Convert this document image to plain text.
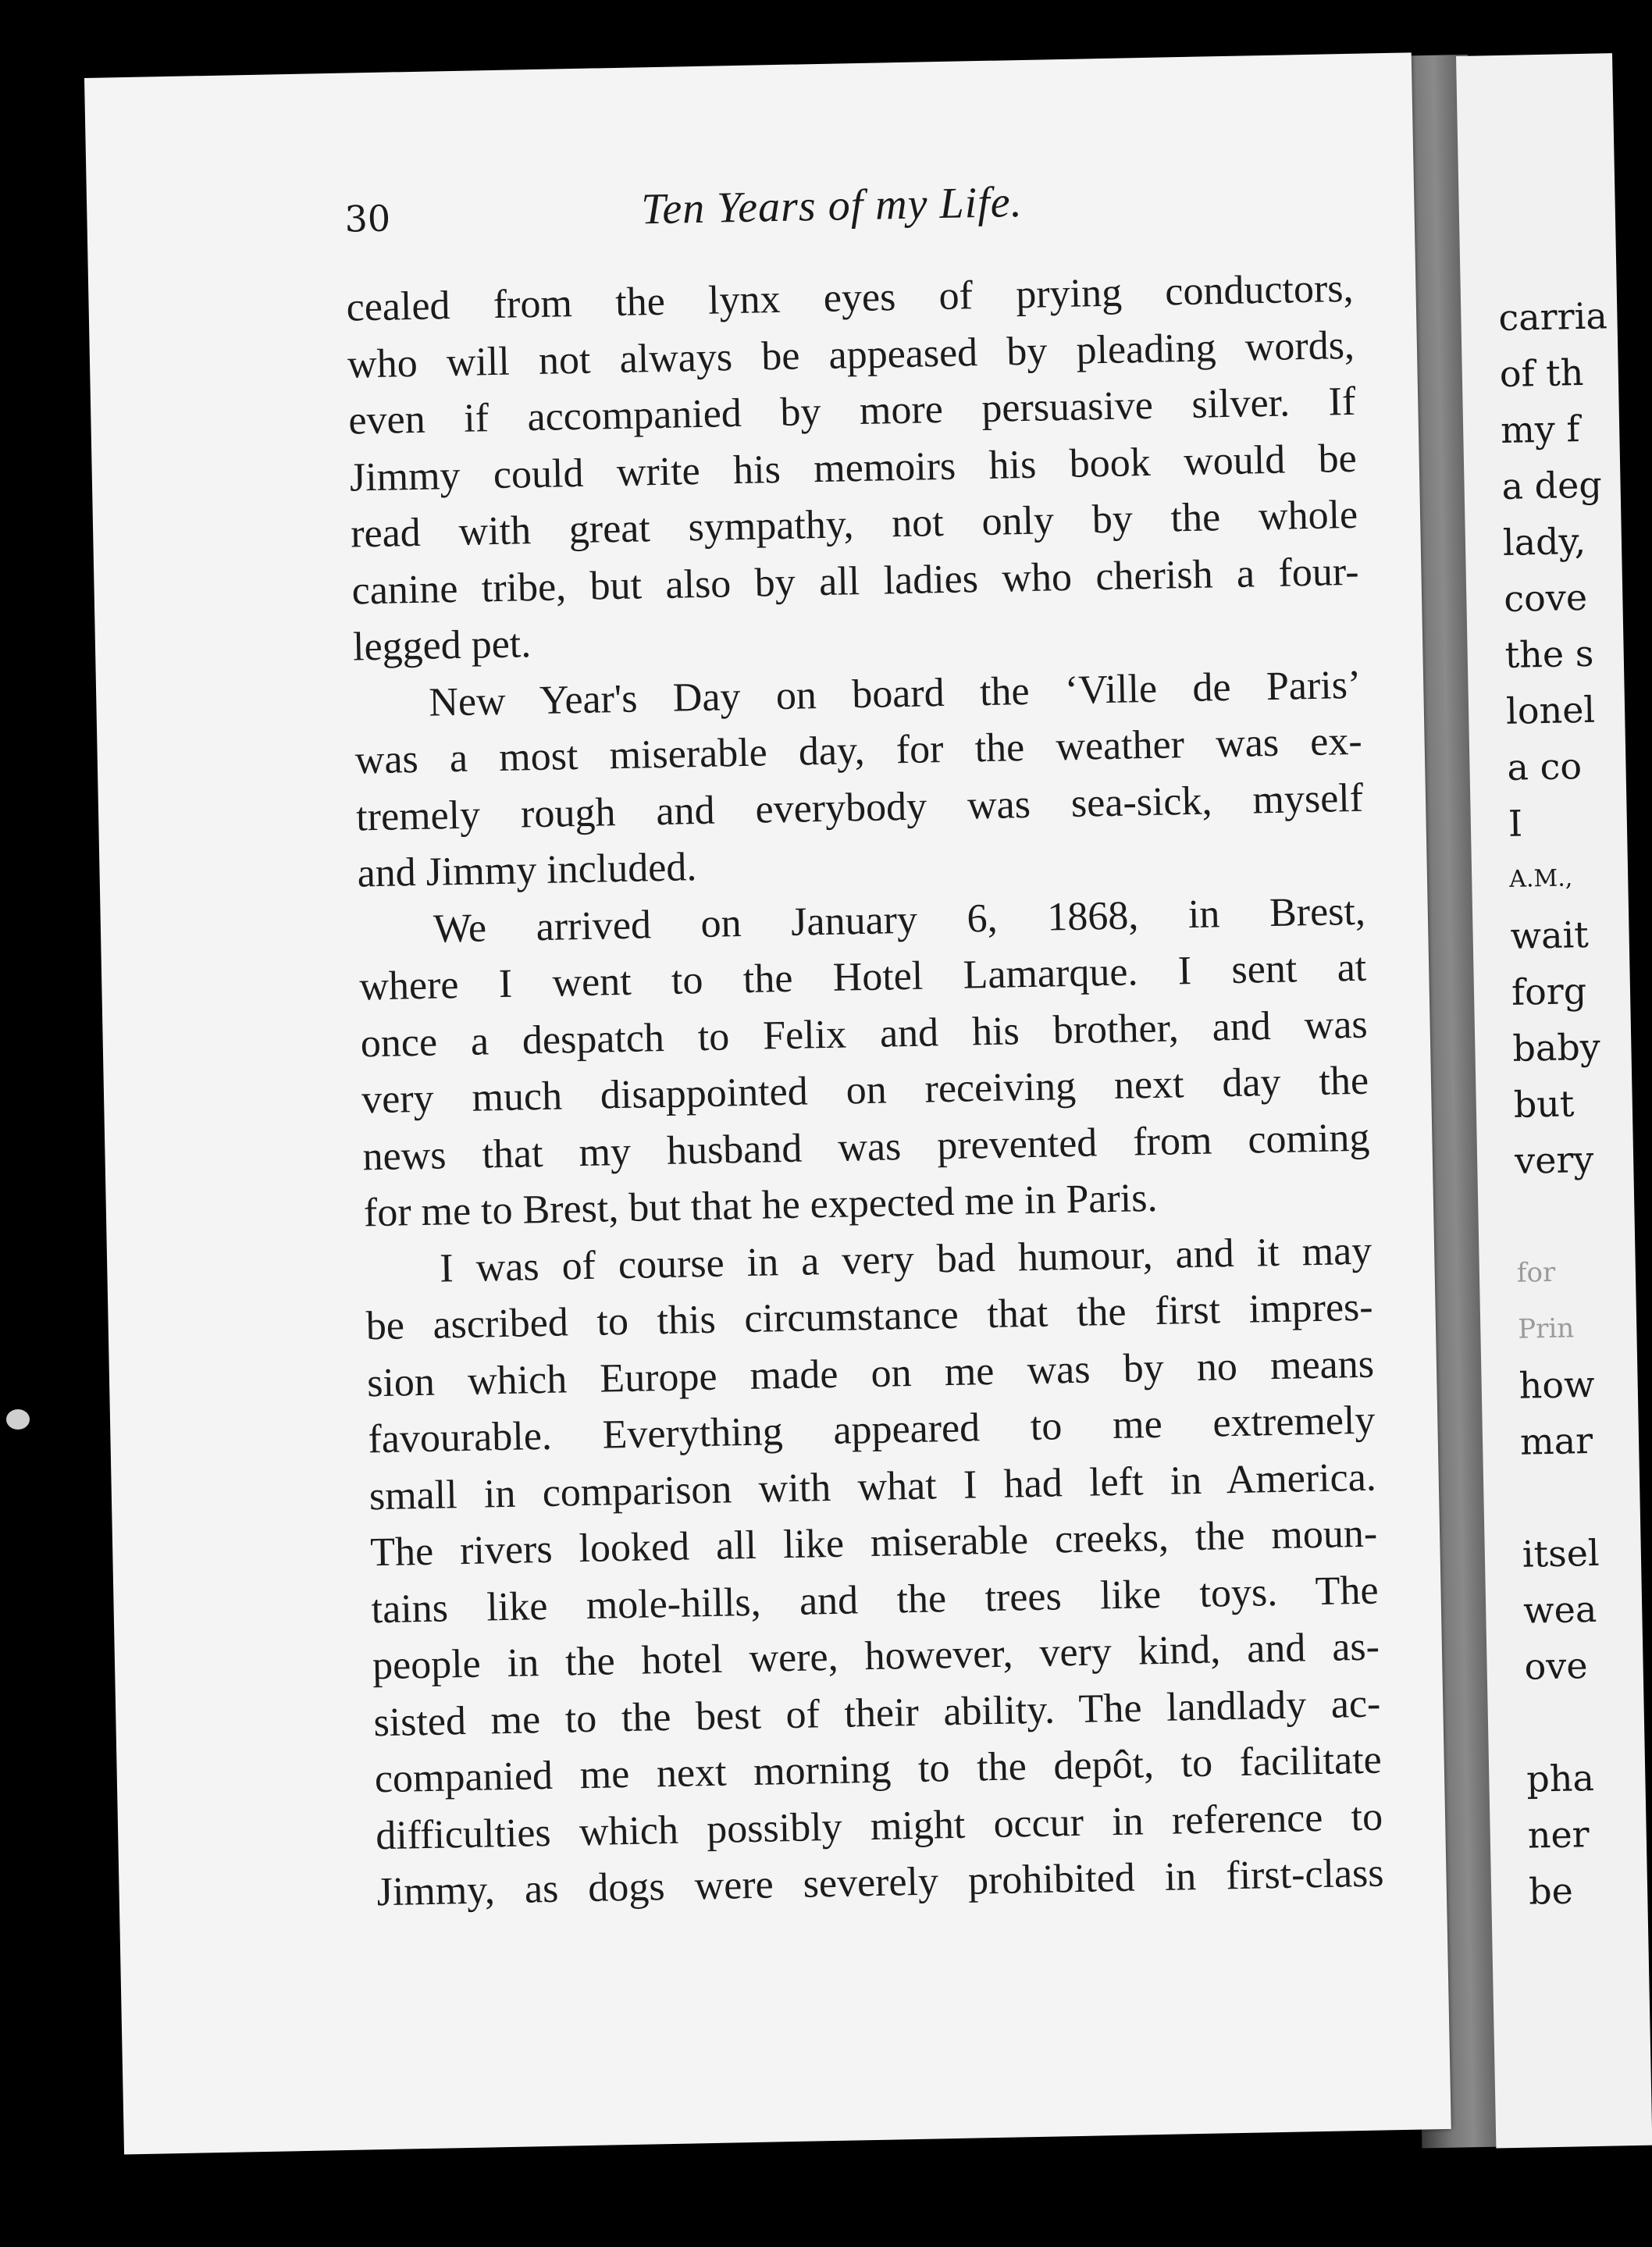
carria
of th
my f
a deg
lady,
cove
the s
lonel
a co
I
A.M.,
wait
forg
baby
but
very
for
Prin
how
mar
itsel
wea
ove
pha
ner
be
30	Ten Years of my Life.
cealed from the lynx eyes of prying conductors,
who will not always be appeased by pleading words,
even if accompanied by more persuasive silver. If
Jimmy could write his memoirs his book would be
read with great sympathy, not only by the whole
canine tribe, but also by all ladies who cherish a four-
legged pet.
New Year's Day on board the ‘Ville de Paris’
was a most miserable day, for the weather was ex-
tremely rough and everybody was sea-sick, myself
and Jimmy included.
We arrived on January 6, 1868, in Brest,
where I went to the Hotel Lamarque. I sent at
once a despatch to Felix and his brother, and was
very much disappointed on receiving next day the
news that my husband was prevented from coming
for me to Brest, but that he expected me in Paris.
I was of course in a very bad humour, and it may
be ascribed to this circumstance that the first impres-
sion which Europe made on me was by no means
favourable. Everything appeared to me extremely
small in comparison with what I had left in America.
The rivers looked all like miserable creeks, the moun-
tains like mole-hills, and the trees like toys. The
people in the hotel were, however, very kind, and as-
sisted me to the best of their ability. The landlady ac-
companied me next morning to the depôt, to facilitate
difficulties which possibly might occur in reference to
Jimmy, as dogs were severely prohibited in first-class
